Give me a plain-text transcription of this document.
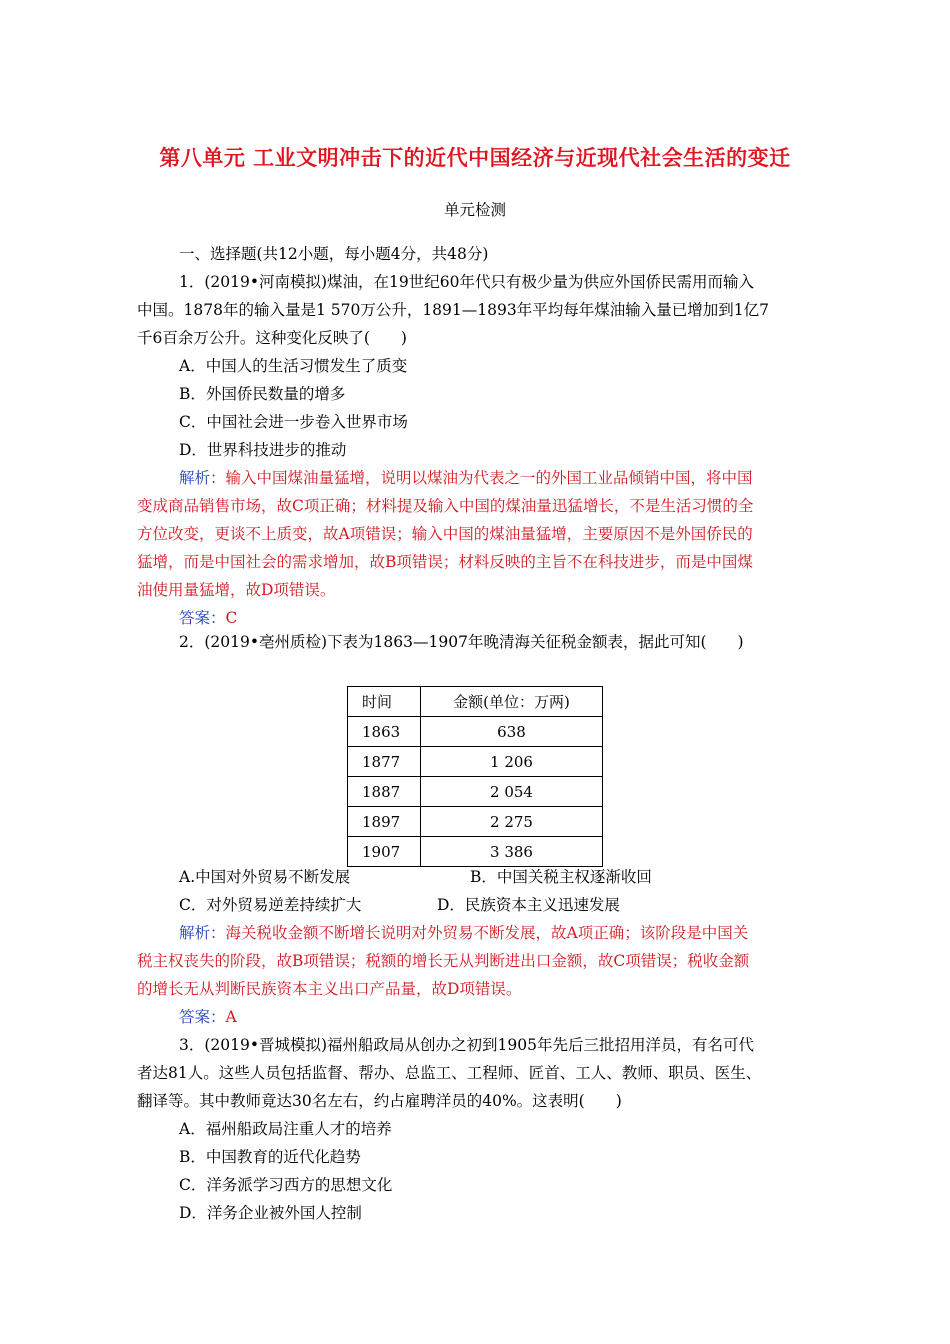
第八单元 工业文明冲击下的近代中国经济与近现代社会生活的变迁
单元检测
一、选择题(共12小题，每小题4分，共48分)
1．(2019•河南模拟)煤油，在19世纪60年代只有极少量为供应外国侨民需用而输入
中国。1878年的输入量是1 570万公升，1891—1893年平均每年煤油输入量已增加到1亿7
千6百余万公升。这种变化反映了(　　)
A．中国人的生活习惯发生了质变
B．外国侨民数量的增多
C．中国社会进一步卷入世界市场
D．世界科技进步的推动
解析：输入中国煤油量猛增，说明以煤油为代表之一的外国工业品倾销中国，将中国
变成商品销售市场，故C项正确；材料提及输入中国的煤油量迅猛增长，不是生活习惯的全
方位改变，更谈不上质变，故A项错误；输入中国的煤油量猛增，主要原因不是外国侨民的
猛增，而是中国社会的需求增加，故B项错误；材料反映的主旨不在科技进步，而是中国煤
油使用量猛增，故D项错误。
答案：C
2．(2019•亳州质检)下表为1863—1907年晚清海关征税金额表，据此可知(　　)
时间	金额(单位：万两)
1863	638
1877	1 206
1887	2 054
1897	2 275
1907	3 386
A.中国对外贸易不断发展	B．中国关税主权逐渐收回
C．对外贸易逆差持续扩大	D．民族资本主义迅速发展
解析：海关税收金额不断增长说明对外贸易不断发展，故A项正确；该阶段是中国关
税主权丧失的阶段，故B项错误；税额的增长无从判断进出口金额，故C项错误；税收金额
的增长无从判断民族资本主义出口产品量，故D项错误。
答案：A
3．(2019•晋城模拟)福州船政局从创办之初到1905年先后三批招用洋员，有名可代
者达81人。这些人员包括监督、帮办、总监工、工程师、匠首、工人、教师、职员、医生、
翻译等。其中教师竟达30名左右，约占雇聘洋员的40%。这表明(　　)
A．福州船政局注重人才的培养
B．中国教育的近代化趋势
C．洋务派学习西方的思想文化
D．洋务企业被外国人控制
